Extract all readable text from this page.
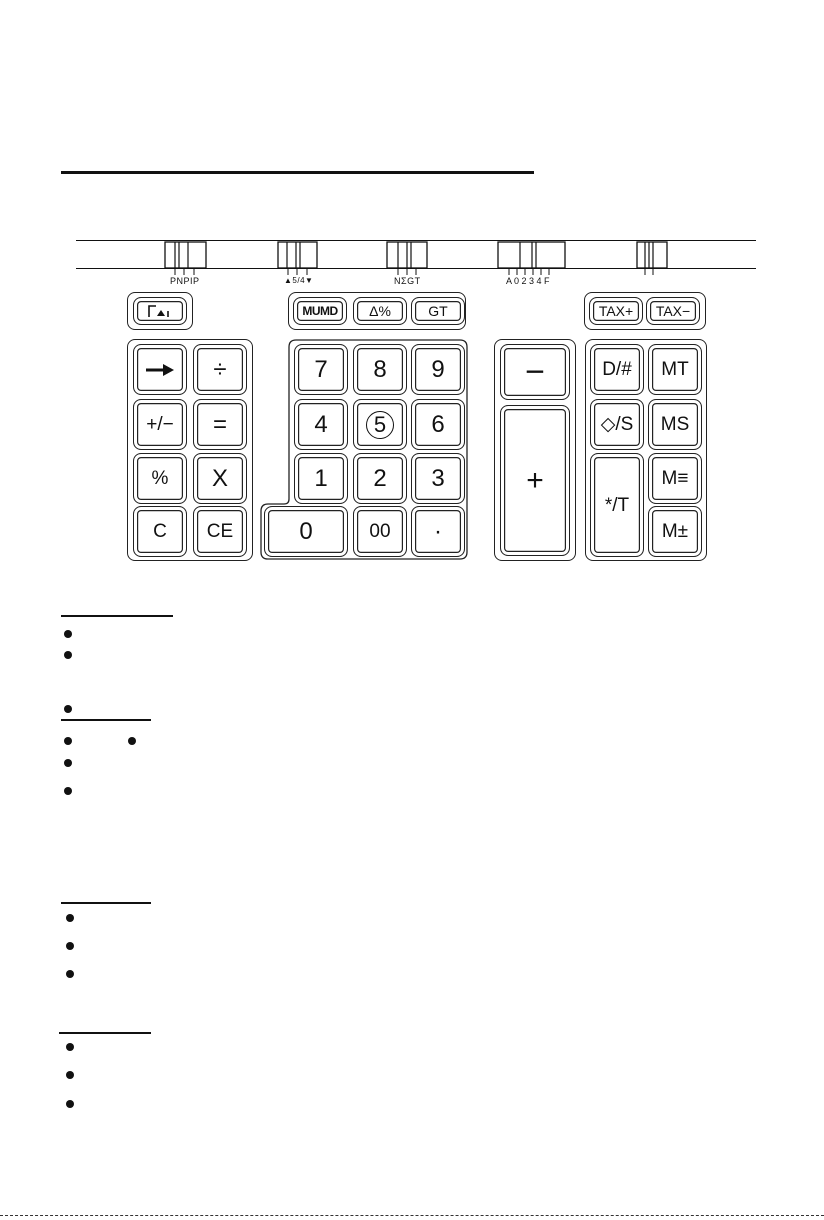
PNPIP	▲5/4▼	NΣGT	A 0 2 3 4 F
MUMD Δ%	GT	TAX+ TAX−
÷
+/− =
% X
C CE
7 8 9
4	5	6
1 2 3
0	00 ·
−
+
D/# MT
◇/S MS
*/T
M≡
M±
